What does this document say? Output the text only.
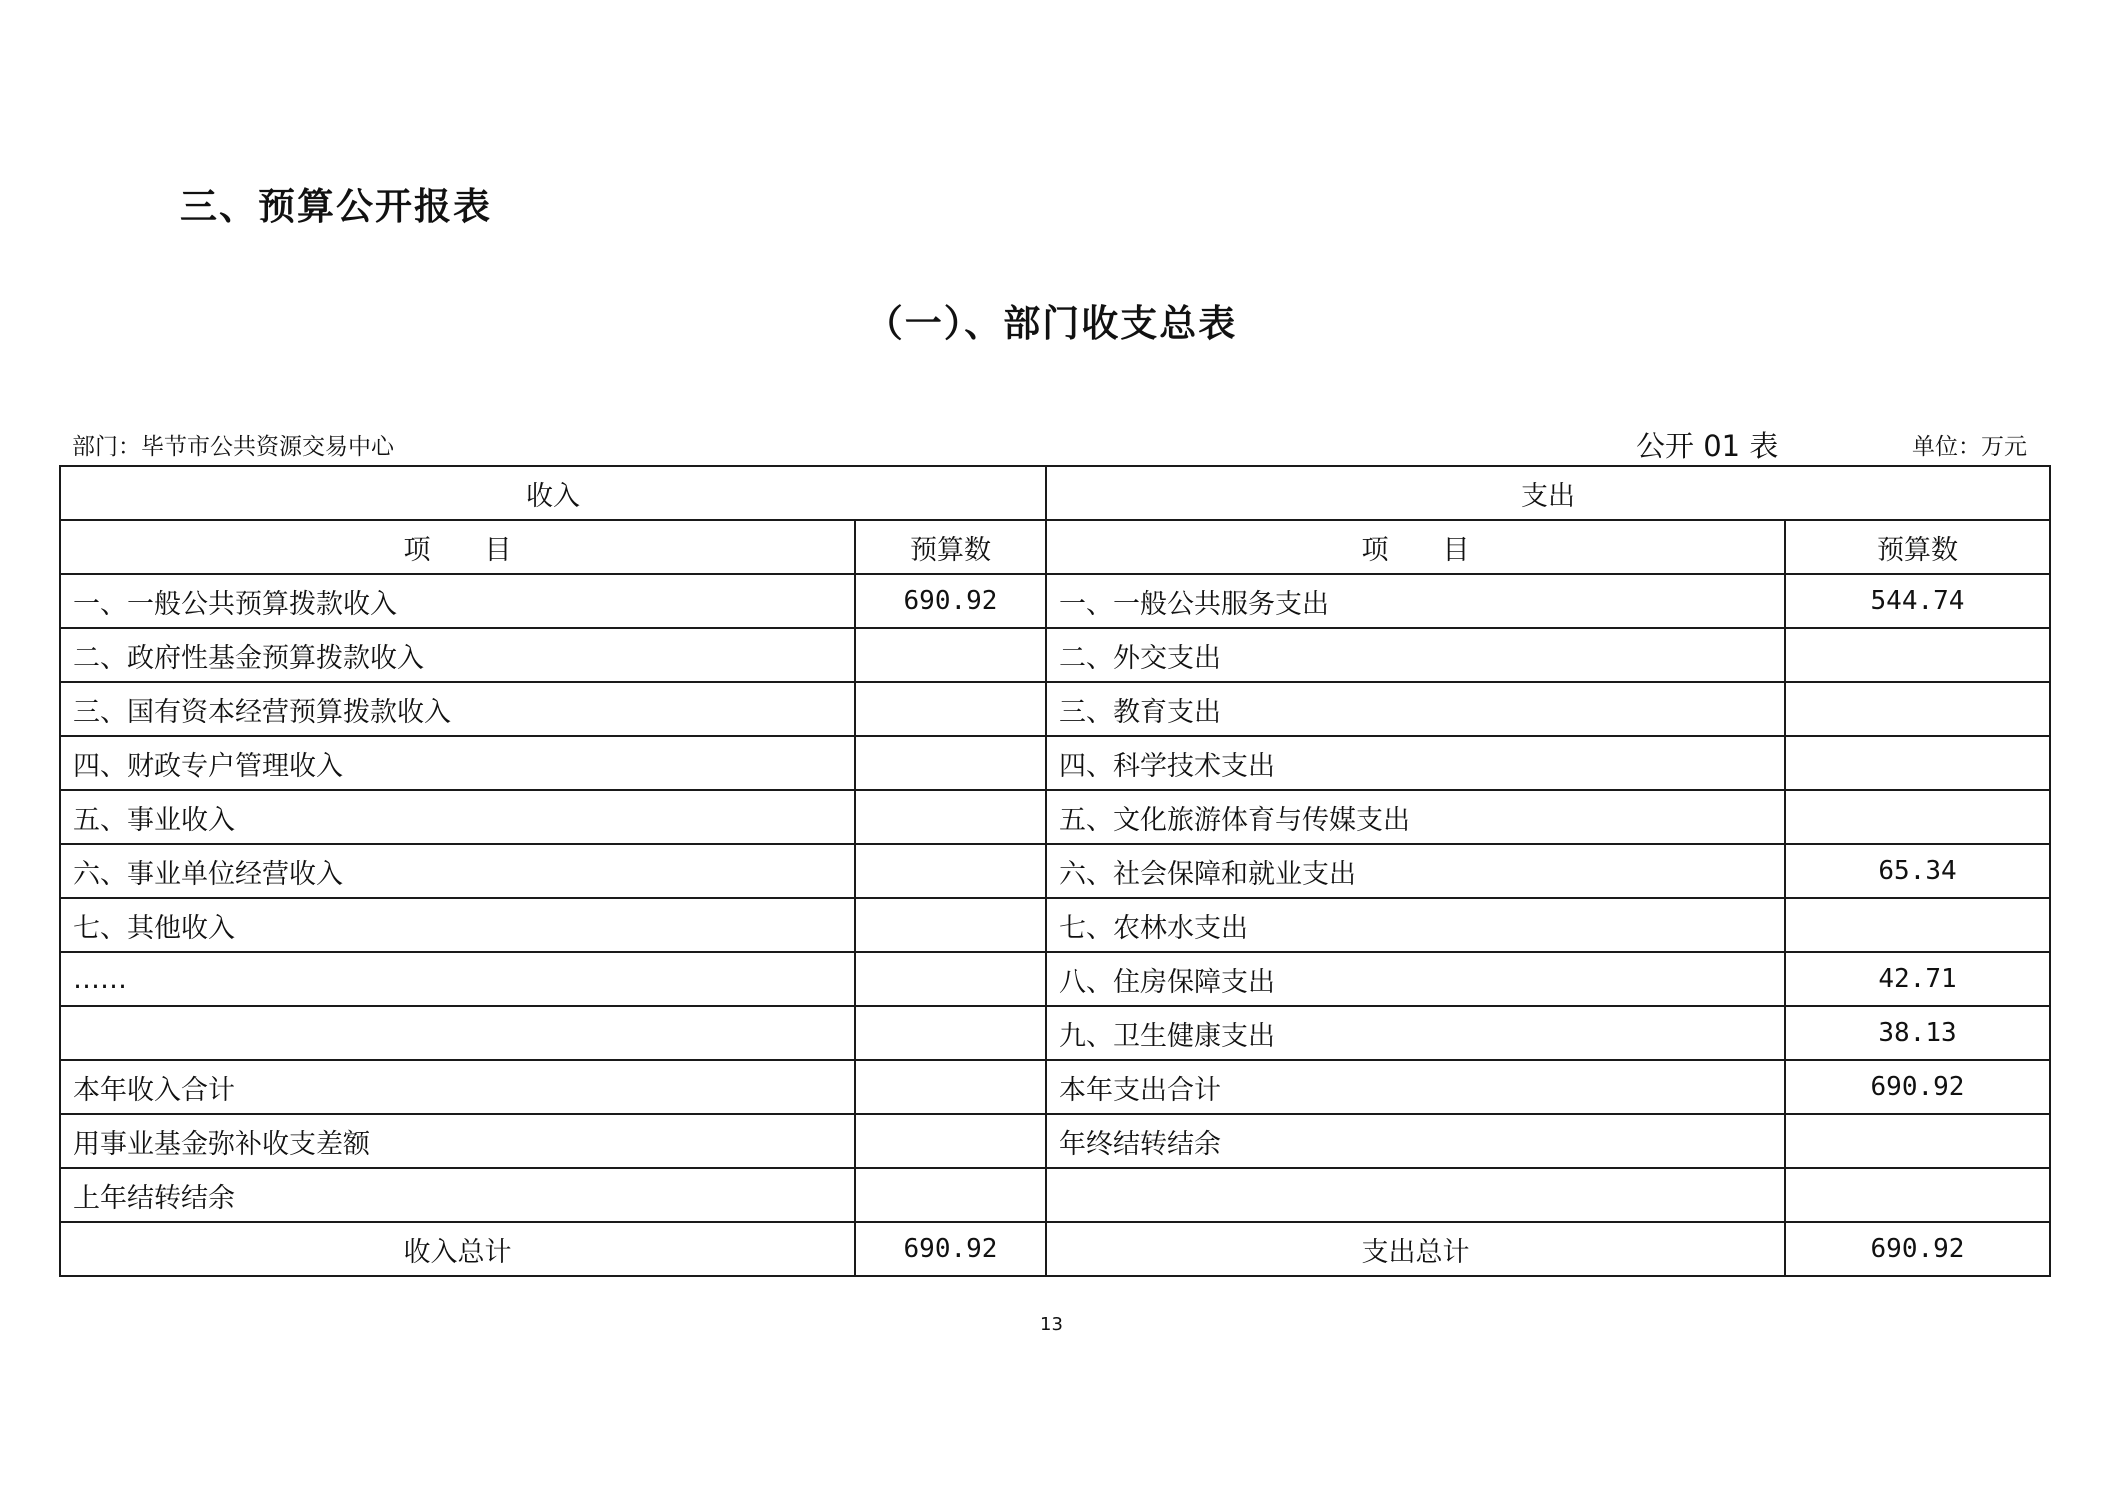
三、预算公开报表
（一）、部门收支总表
部门：毕节市公共资源交易中心	公开 01 表	单位：万元
收入		支出	
项　　目	预算数	项　　目	预算数
一、一般公共预算拨款收入	690.92	一、一般公共服务支出	544.74
二、政府性基金预算拨款收入		二、外交支出	
三、国有资本经营预算拨款收入		三、教育支出	
四、财政专户管理收入		四、科学技术支出	
五、事业收入		五、文化旅游体育与传媒支出	
六、事业单位经营收入		六、社会保障和就业支出	65.34
七、其他收入		七、农林水支出	
……		八、住房保障支出	42.71
		九、卫生健康支出	38.13
本年收入合计		本年支出合计	690.92
用事业基金弥补收支差额		年终结转结余	
上年结转结余			
收入总计	690.92	支出总计	690.92
13
